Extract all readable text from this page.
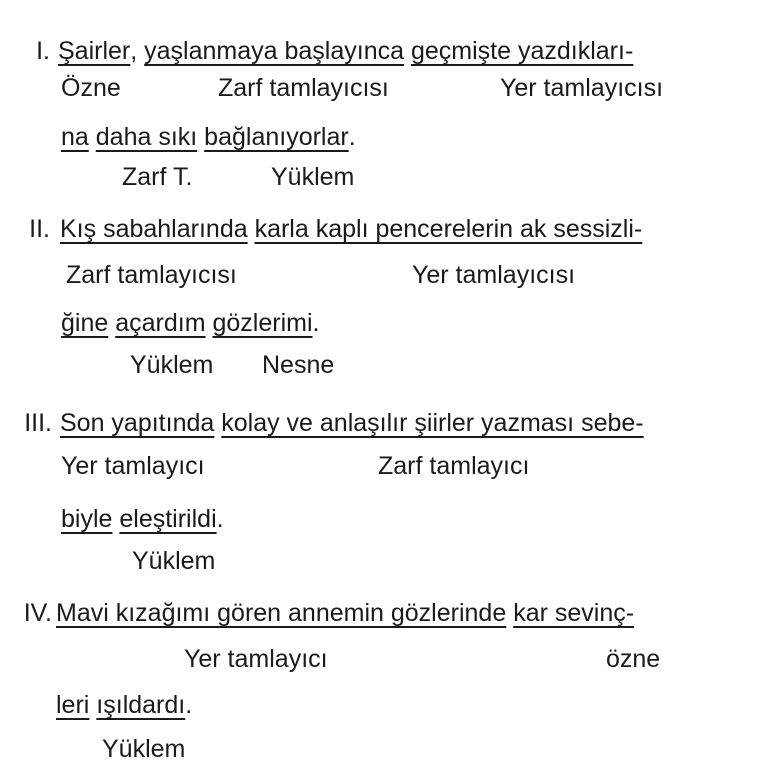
I. Şairler, yaşlanmaya başlayınca geçmişte yazdıkları-
Özne	Zarf tamlayıcısı	Yer tamlayıcısı
na daha sıkı bağlanıyorlar.
Zarf T.	Yüklem
II. Kış sabahlarında karla kaplı pencerelerin ak sessizli-
Zarf tamlayıcısı	Yer tamlayıcısı
ğine açardım gözlerimi.
Yüklem Nesne
III. Son yapıtında kolay ve anlaşılır şiirler yazması sebe-
Yer tamlayıcı	Zarf tamlayıcı
biyle eleştirildi.
Yüklem
IV. Mavi kızağımı gören annemin gözlerinde kar sevinç-
Yer tamlayıcı	özne
leri ışıldardı.
Yüklem
